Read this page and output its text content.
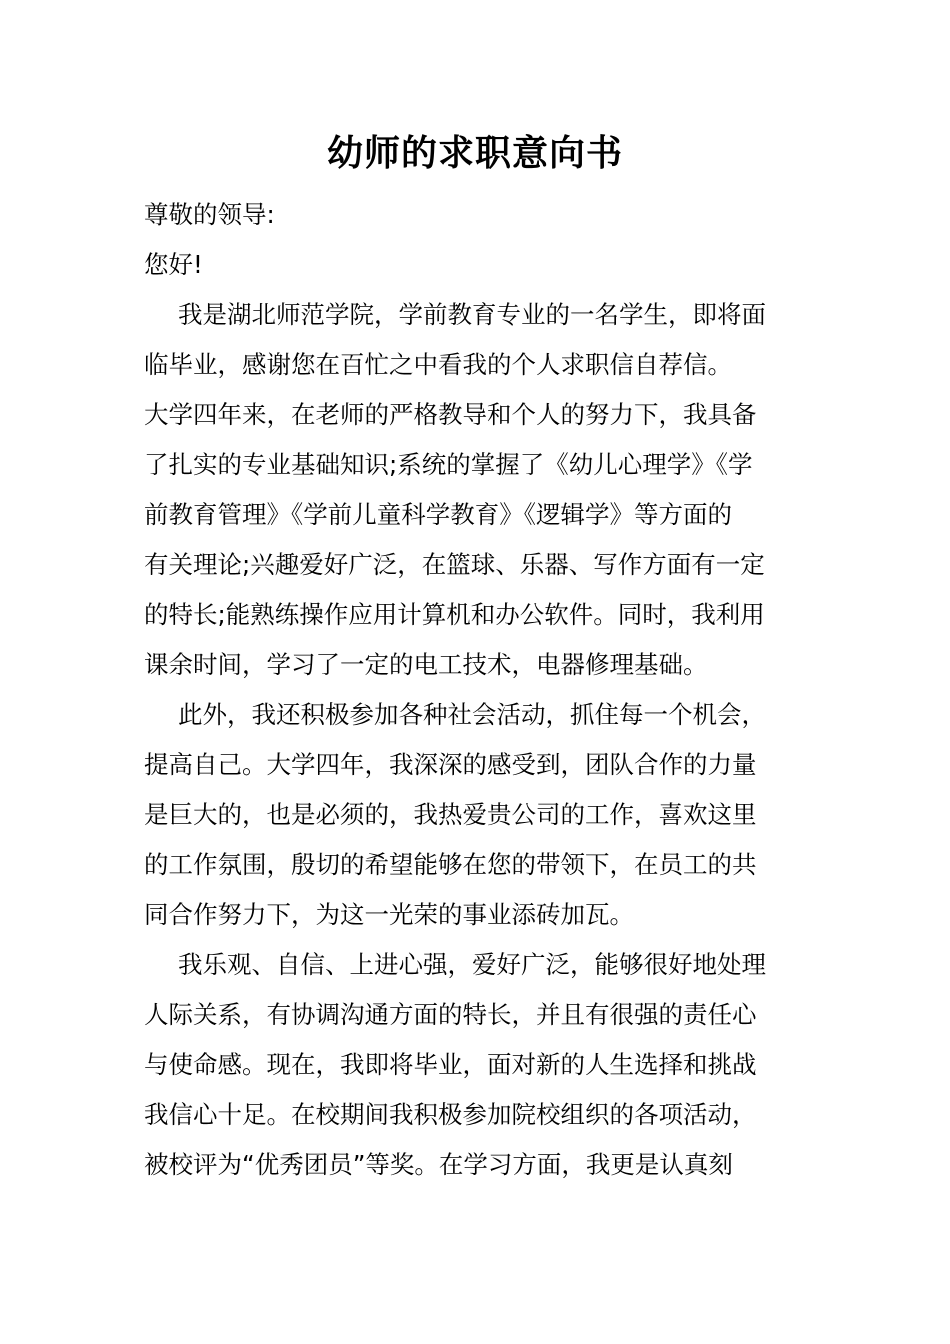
幼师的求职意向书
尊敬的领导:
您好!
我是湖北师范学院，学前教育专业的一名学生，即将面
临毕业，感谢您在百忙之中看我的个人求职信自荐信。
大学四年来，在老师的严格教导和个人的努力下，我具备
了扎实的专业基础知识;系统的掌握了《幼儿心理学》《学
前教育管理》《学前儿童科学教育》《逻辑学》等方面的
有关理论;兴趣爱好广泛，在篮球、乐器、写作方面有一定
的特长;能熟练操作应用计算机和办公软件。同时，我利用
课余时间，学习了一定的电工技术，电器修理基础。
此外，我还积极参加各种社会活动，抓住每一个机会，
提高自己。大学四年，我深深的感受到，团队合作的力量
是巨大的，也是必须的，我热爱贵公司的工作，喜欢这里
的工作氛围，殷切的希望能够在您的带领下，在员工的共
同合作努力下，为这一光荣的事业添砖加瓦。
我乐观、自信、上进心强，爱好广泛，能够很好地处理
人际关系，有协调沟通方面的特长，并且有很强的责任心
与使命感。现在，我即将毕业，面对新的人生选择和挑战
我信心十足。在校期间我积极参加院校组织的各项活动，
被校评为“优秀团员”等奖。在学习方面，我更是认真刻
